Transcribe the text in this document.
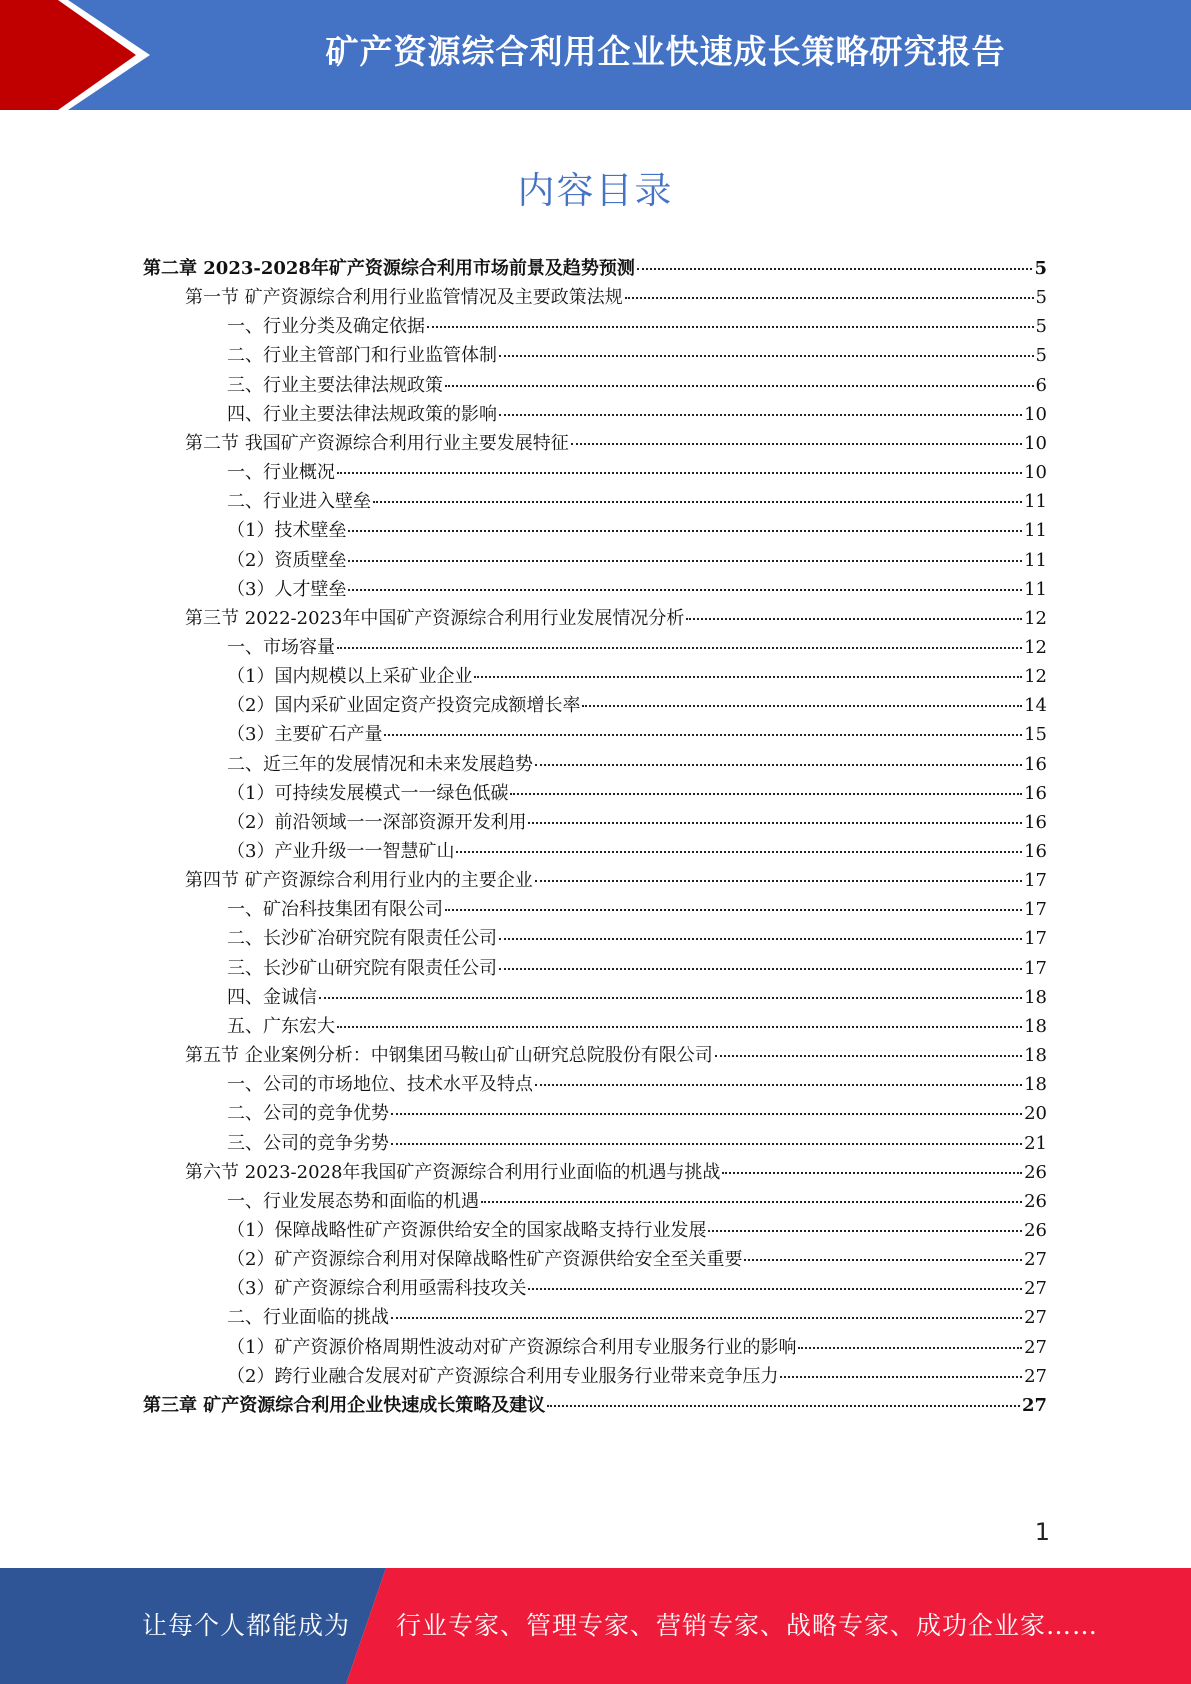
矿产资源综合利用企业快速成长策略研究报告
内容目录
第二章 2023-2028年矿产资源综合利用市场前景及趋势预测	5
第一节 矿产资源综合利用行业监管情况及主要政策法规	5
一、行业分类及确定依据	5
二、行业主管部门和行业监管体制	5
三、行业主要法律法规政策	6
四、行业主要法律法规政策的影响	10
第二节 我国矿产资源综合利用行业主要发展特征	10
一、行业概况	10
二、行业进入壁垒	11
（1）技术壁垒	11
（2）资质壁垒	11
（3）人才壁垒	11
第三节 2022-2023年中国矿产资源综合利用行业发展情况分析	12
一、市场容量	12
（1）国内规模以上采矿业企业	12
（2）国内采矿业固定资产投资完成额增长率	14
（3）主要矿石产量	15
二、近三年的发展情况和未来发展趋势	16
（1）可持续发展模式一一绿色低碳	16
（2）前沿领域一一深部资源开发利用	16
（3）产业升级一一智慧矿山	16
第四节 矿产资源综合利用行业内的主要企业	17
一、矿冶科技集团有限公司	17
二、长沙矿冶研究院有限责任公司	17
三、长沙矿山研究院有限责任公司	17
四、金诚信	18
五、广东宏大	18
第五节 企业案例分析：中钢集团马鞍山矿山研究总院股份有限公司	18
一、公司的市场地位、技术水平及特点	18
二、公司的竞争优势	20
三、公司的竞争劣势	21
第六节 2023-2028年我国矿产资源综合利用行业面临的机遇与挑战	26
一、行业发展态势和面临的机遇	26
（1）保障战略性矿产资源供给安全的国家战略支持行业发展	26
（2）矿产资源综合利用对保障战略性矿产资源供给安全至关重要	27
（3）矿产资源综合利用亟需科技攻关	27
二、行业面临的挑战	27
（1）矿产资源价格周期性波动对矿产资源综合利用专业服务行业的影响	27
（2）跨行业融合发展对矿产资源综合利用专业服务行业带来竞争压力	27
第三章 矿产资源综合利用企业快速成长策略及建议	27
1
让每个人都能成为 行业专家、管理专家、营销专家、战略专家、成功企业家……
